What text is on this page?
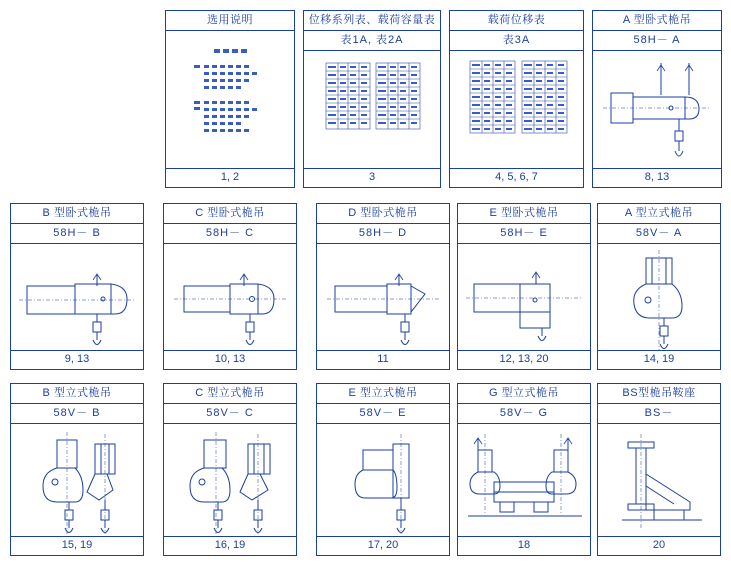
选用说明
1, 2
位移系列表、载荷容量表
表1A, 表2A
3
载荷位移表
表3A
4, 5, 6, 7
A 型卧式桅吊
58H－ A
8, 13
B 型卧式桅吊
58H－ B
9, 13
C 型卧式桅吊
58H－ C
10, 13
D 型卧式桅吊
58H－ D
11
E 型卧式桅吊
58H－ E
12, 13, 20
A 型立式桅吊
58V－ A
14, 19
B 型立式桅吊
58V－ B
15, 19
C 型立式桅吊
58V－ C
16, 19
E 型立式桅吊
58V－ E
17, 20
G 型立式桅吊
58V－ G
18
BS型桅吊鞍座
BS－
20
